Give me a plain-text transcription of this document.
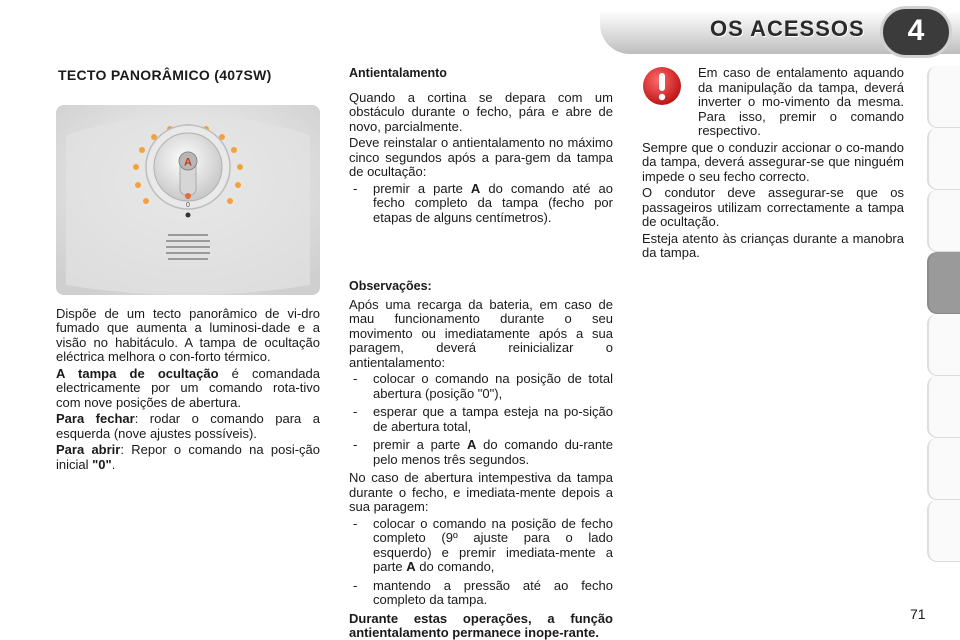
OS ACESSOS	4
TECTO PANORÂMICO (407SW)
A
0

Dispõe de um tecto panorâmico de vi-dro fumado que aumenta a luminosi-dade e a visão no habitáculo. A tampa de ocultação eléctrica melhora o con-forto térmico.

A tampa de ocultação é comandada electricamente por um comando rota-tivo com nove posições de abertura.

Para fechar: rodar o comando para a esquerda (nove ajustes possíveis).

Para abrir: Repor o comando na posi-ção inicial "0".

Antientalamento

Quando a cortina se depara com um obstáculo durante o fecho, pára e abre de novo, parcialmente.

Deve reinstalar o antientalamento no máximo cinco segundos após a para-gem da tampa de ocultação:

- premir a parte A do comando até ao fecho completo da tampa (fecho por etapas de alguns centímetros).
Observações:

Após uma recarga da bateria, em caso de mau funcionamento durante o seu movimento ou imediatamente após a sua paragem, deverá reinicializar o antientalamento:

- colocar o comando na posição de total abertura (posição "0"),
- esperar que a tampa esteja na po-sição de abertura total,
- premir a parte A do comando du-rante pelo menos três segundos.

No caso de abertura intempestiva da tampa durante o fecho, e imediata-mente depois a sua paragem:

- colocar o comando na posição de fecho completo (9º ajuste para o lado esquerdo) e premir imediata-mente a parte A do comando,
- mantendo a pressão até ao fecho completo da tampa.

Durante estas operações, a função antientalamento permanece inope-rante.

Em caso de entalamento aquando da manipulação da tampa, deverá inverter o mo-vimento da mesma. Para isso, premir o comando respectivo.

Sempre que o conduzir accionar o co-mando da tampa, deverá assegurar-se que ninguém impede o seu fecho correcto.

O condutor deve assegurar-se que os passageiros utilizam correctamente a tampa de ocultação.

Esteja atento às crianças durante a manobra da tampa.

71
